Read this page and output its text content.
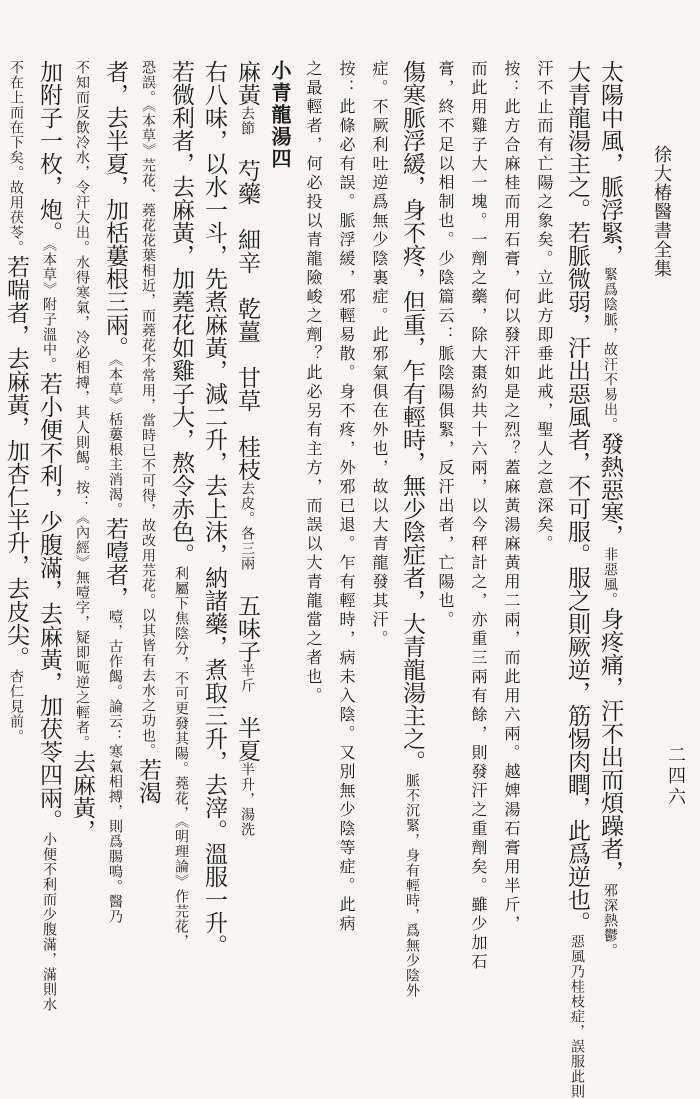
徐大椿醫書全集
二四六
太陽中風，脈浮緊，緊爲陰脈，故汗不易出。發熱惡寒，非惡風。身疼痛，汗不出而煩躁者，邪深熱鬱。
大青龍湯主之。若脈微弱，汗出惡風者，不可服。服之則厥逆，筋惕肉瞤，此爲逆也。惡風乃桂枝症，誤服此則
汗不止而有亡陽之象矣。立此方即垂此戒，聖人之意深矣。
按：此方合麻桂而用石膏，何以發汗如是之烈？蓋麻黃湯麻黃用二兩，而此用六兩。越婢湯石膏用半斤，
而此用雞子大一塊。一劑之藥，除大棗約共十六兩，以今秤計之，亦重三兩有餘，則發汗之重劑矣。雖少加石
膏，終不足以相制也。少陰篇云：脈陰陽俱緊，反汗出者，亡陽也。
傷寒脈浮緩，身不疼，但重，乍有輕時，無少陰症者，大青龍湯主之。脈不沉緊，身有輕時，爲無少陰外
症。不厥利吐逆爲無少陰裏症。此邪氣俱在外也，故以大青龍發其汗。
按：此條必有誤。脈浮緩，邪輕易散。身不疼，外邪已退。乍有輕時，病未入陰。又別無少陰等症。此病
之最輕者，何必投以青龍險峻之劑？此必另有主方，而誤以大青龍當之者也。
小青龍湯四
麻黃去節　芍藥　細辛　乾薑　甘草　桂枝去皮。各三兩　五味子半斤　半夏半升，湯洗
右八味，以水一斗，先煮麻黃，減二升，去上沫，納諸藥，煮取三升，去滓。溫服一升。
若微利者，去麻黃，加蕘花如雞子大，熬令赤色。利屬下焦陰分，不可更發其陽。蕘花，《明理論》作芫花，
恐誤。《本草》芫花、蕘花花葉相近，而蕘花不常用，當時已不可得，故改用芫花。以其皆有去水之功也。若渴
者，去半夏，加栝蔞根三兩。《本草》栝蔞根主消渴。若噎者，噎，古作餲。論云：寒氣相搏，則爲腸鳴。醫乃
不知而反飲冷水，令汗大出。水得寒氣，冷必相搏，其人則餲。按：《內經》無噎字，疑即呃逆之輕者。去麻黃，
加附子一枚，炮。《本草》附子溫中。若小便不利，少腹滿，去麻黃，加茯苓四兩。小便不利而少腹滿，滿則水
不在上而在下矣。故用茯苓。若喘者，去麻黃，加杏仁半升，去皮尖。杏仁見前。
